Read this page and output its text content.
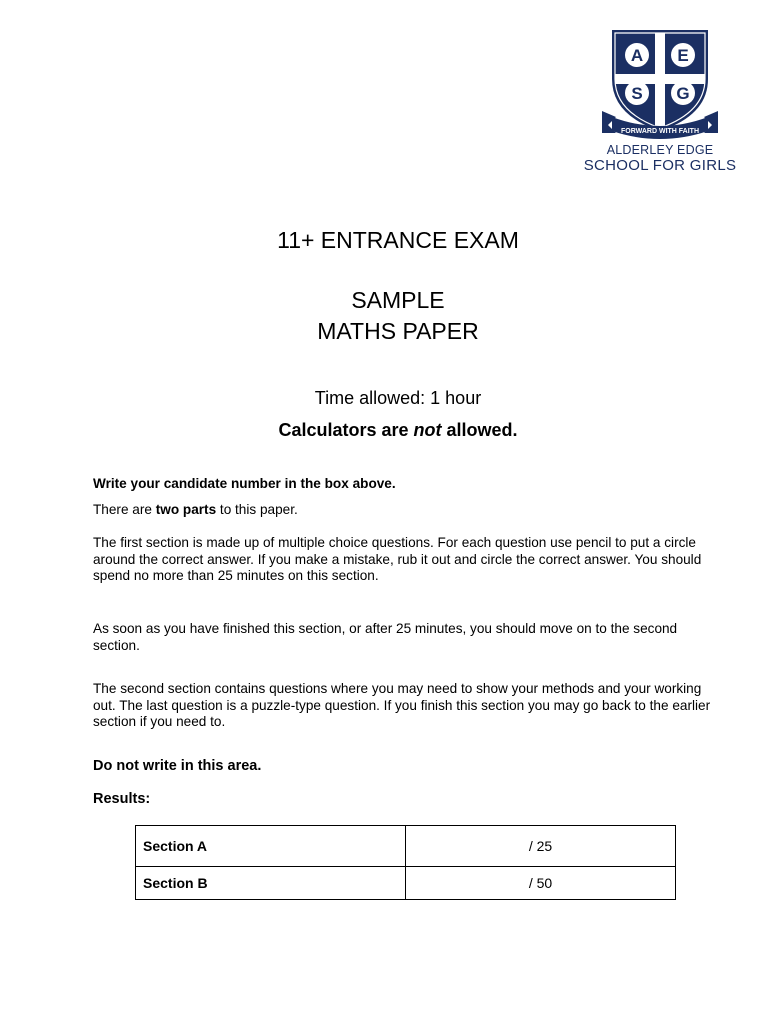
A E
S G
FORWARD WITH FAITH
ALDERLEY EDGE
SCHOOL FOR GIRLS
11+ ENTRANCE EXAM
SAMPLE
MATHS PAPER
Time allowed: 1 hour
Calculators are not allowed.
Write your candidate number in the box above.
There are two parts to this paper.
The first section is made up of multiple choice questions. For each question use pencil to put a circle around the correct answer. If you make a mistake, rub it out and circle the correct answer. You should spend no more than 25 minutes on this section.
As soon as you have finished this section, or after 25 minutes, you should move on to the second section.
The second section contains questions where you may need to show your methods and your working out. The last question is a puzzle-type question. If you finish this section you may go back to the earlier section if you need to.
Do not write in this area.
Results:
Section A	/ 25
Section B	/ 50
